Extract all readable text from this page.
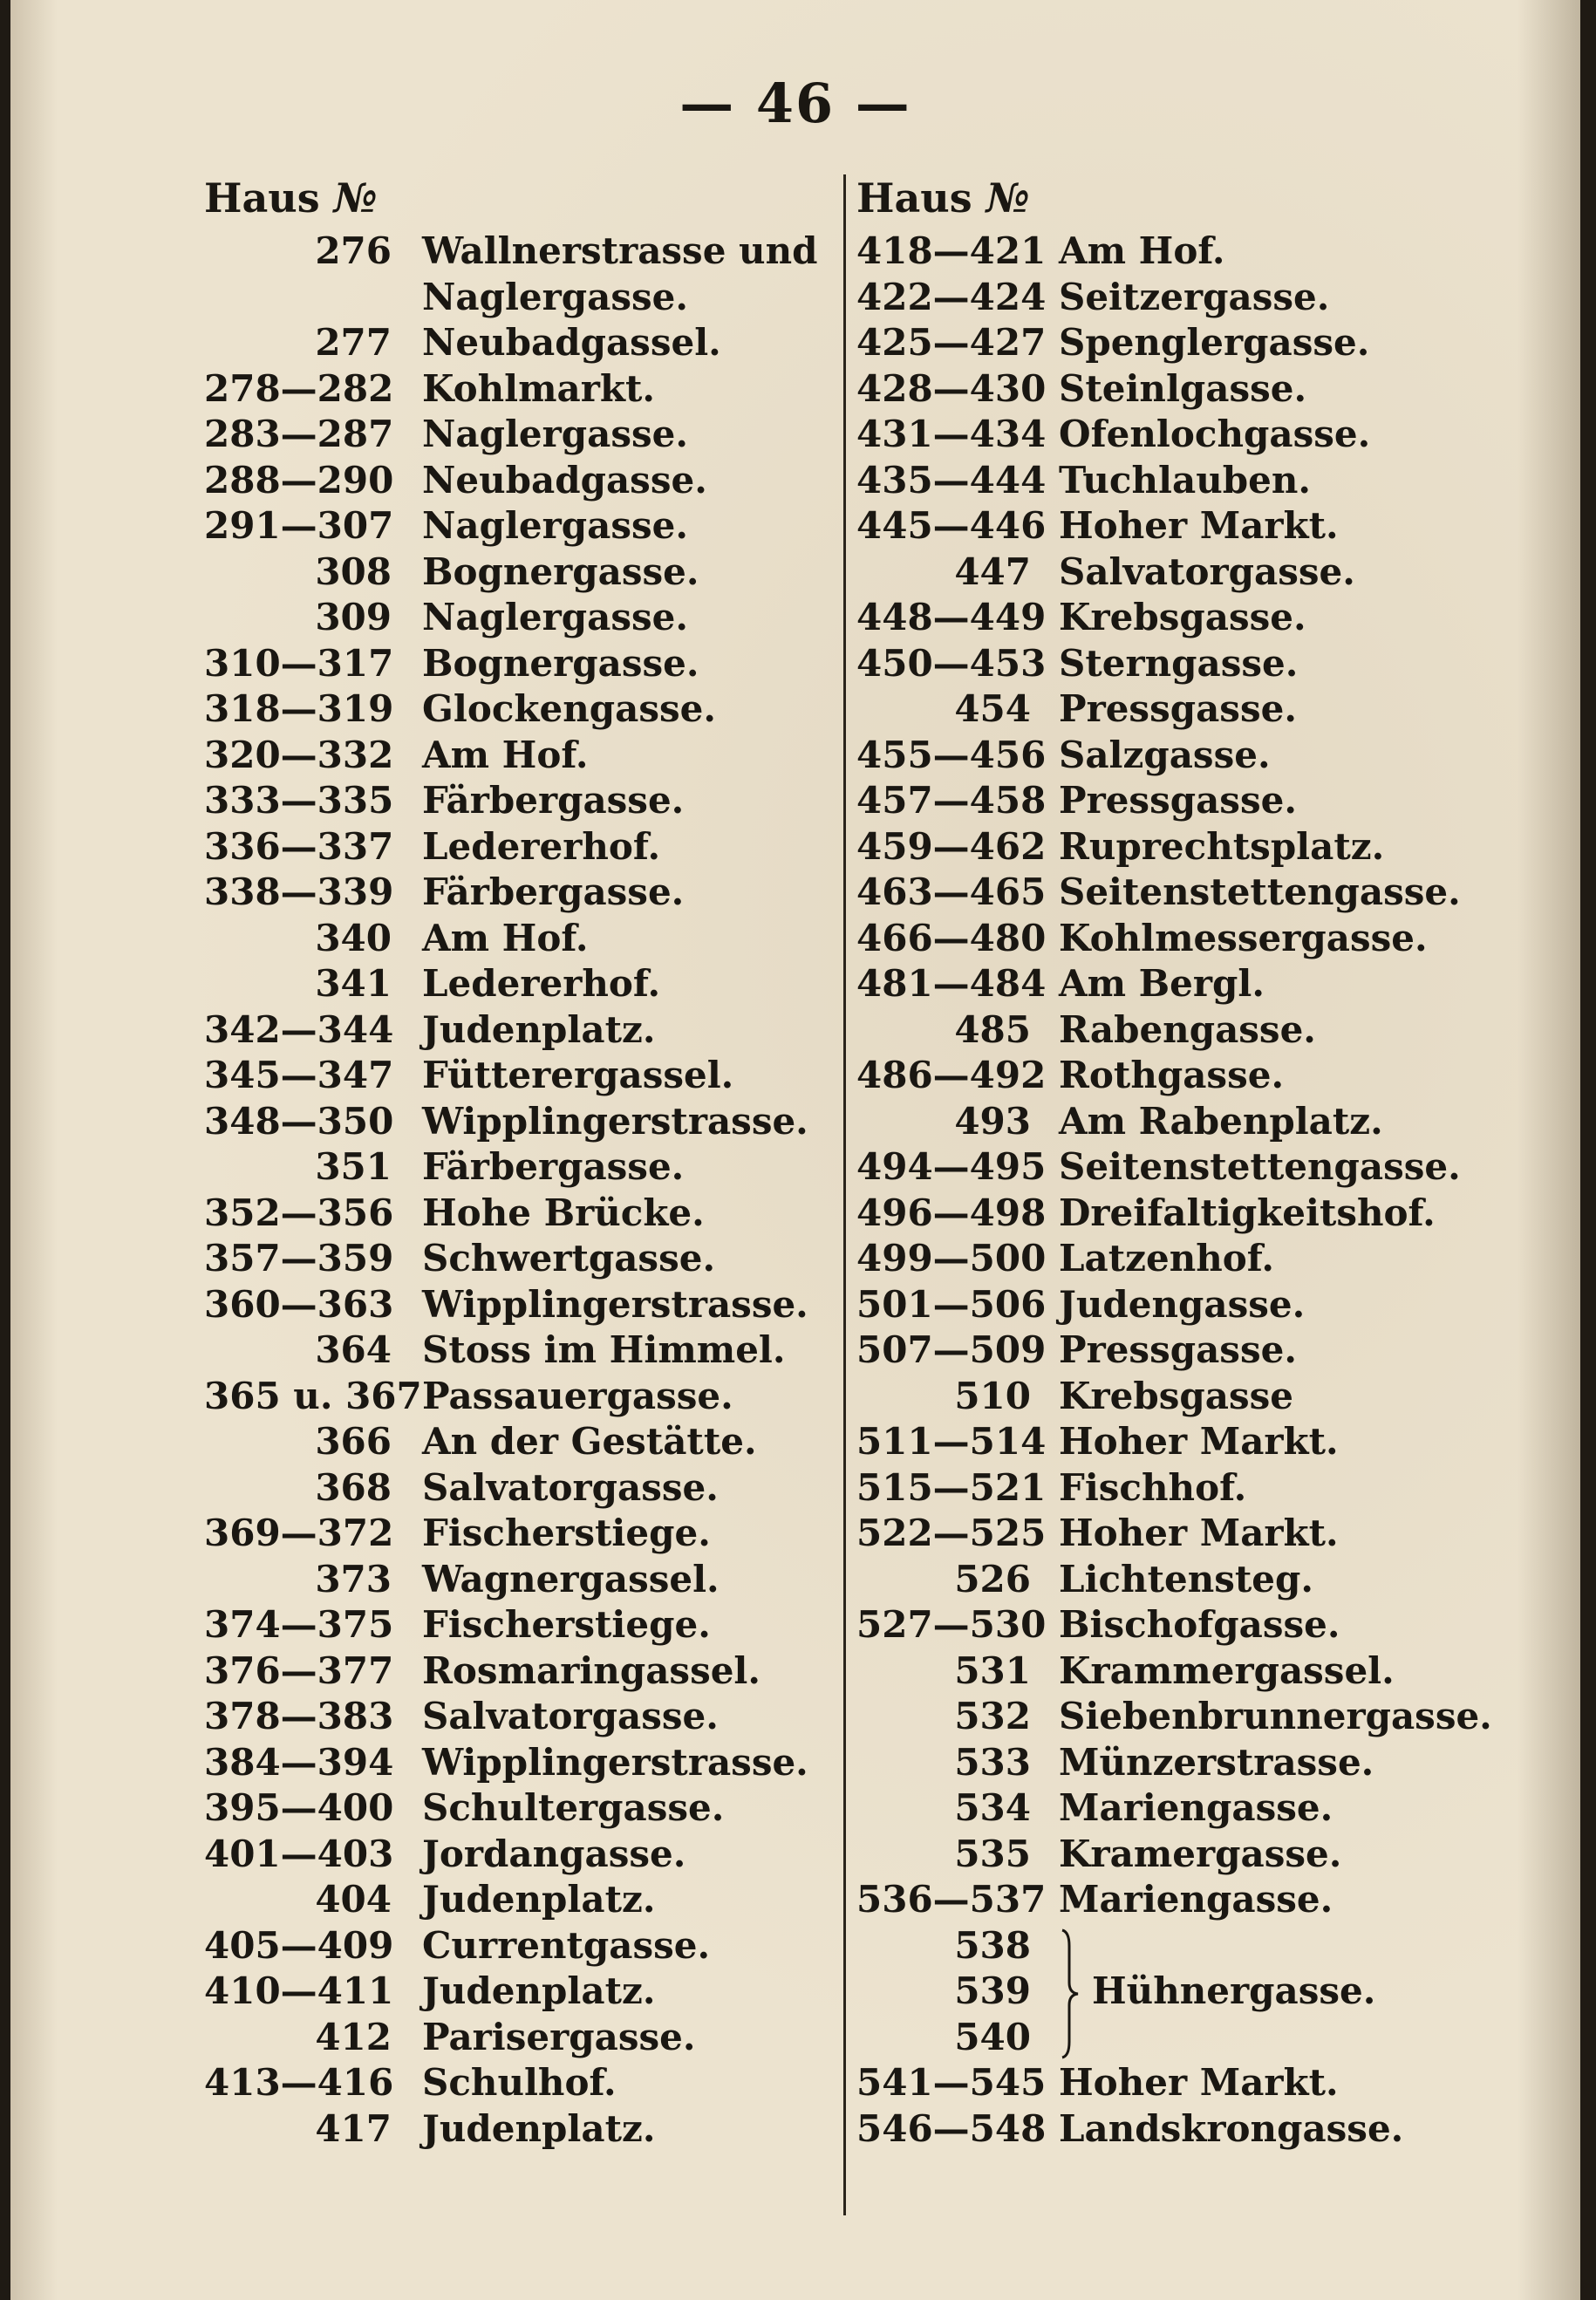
— 46 —
Haus №	Haus №
276 Wallnerstrasse und
Naglergasse.
277 Neubadgassel.
278—282 Kohlmarkt.
283—287 Naglergasse.
288—290 Neubadgasse.
291—307 Naglergasse.
308 Bognergasse.
309 Naglergasse.
310—317 Bognergasse.
318—319 Glockengasse.
320—332 Am Hof.
333—335 Färbergasse.
336—337 Ledererhof.
338—339 Färbergasse.
340 Am Hof.
341 Ledererhof.
342—344 Judenplatz.
345—347 Fütterergassel.
348—350 Wipplingerstrasse.
351 Färbergasse.
352—356 Hohe Brücke.
357—359 Schwertgasse.
360—363 Wipplingerstrasse.
364 Stoss im Himmel.
365 u. 367 Passauergasse.
366 An der Gestätte.
368 Salvatorgasse.
369—372 Fischerstiege.
373 Wagnergassel.
374—375 Fischerstiege.
376—377 Rosmaringassel.
378—383 Salvatorgasse.
384—394 Wipplingerstrasse.
395—400 Schultergasse.
401—403 Jordangasse.
404 Judenplatz.
405—409 Currentgasse.
410—411 Judenplatz.
412 Parisergasse.
413—416 Schulhof.
417 Judenplatz.
418—421 Am Hof.
422—424 Seitzergasse.
425—427 Spenglergasse.
428—430 Steinlgasse.
431—434 Ofenlochgasse.
435—444 Tuchlauben.
445—446 Hoher Markt.
447 Salvatorgasse.
448—449 Krebsgasse.
450—453 Sterngasse.
454 Pressgasse.
455—456 Salzgasse.
457—458 Pressgasse.
459—462 Ruprechtsplatz.
463—465 Seitenstettengasse.
466—480 Kohlmessergasse.
481—484 Am Bergl.
485 Rabengasse.
486—492 Rothgasse.
493 Am Rabenplatz.
494—495 Seitenstettengasse.
496—498 Dreifaltigkeitshof.
499—500 Latzenhof.
501—506 Judengasse.
507—509 Pressgasse.
510 Krebsgasse
511—514 Hoher Markt.
515—521 Fischhof.
522—525 Hoher Markt.
526 Lichtensteg.
527—530 Bischofgasse.
531 Krammergassel.
532 Siebenbrunnergasse.
533 Münzerstrasse.
534 Mariengasse.
535 Kramergasse.
536—537 Mariengasse.
538
539
540
Hühnergasse.
541—545 Hoher Markt.
546—548 Landskrongasse.
